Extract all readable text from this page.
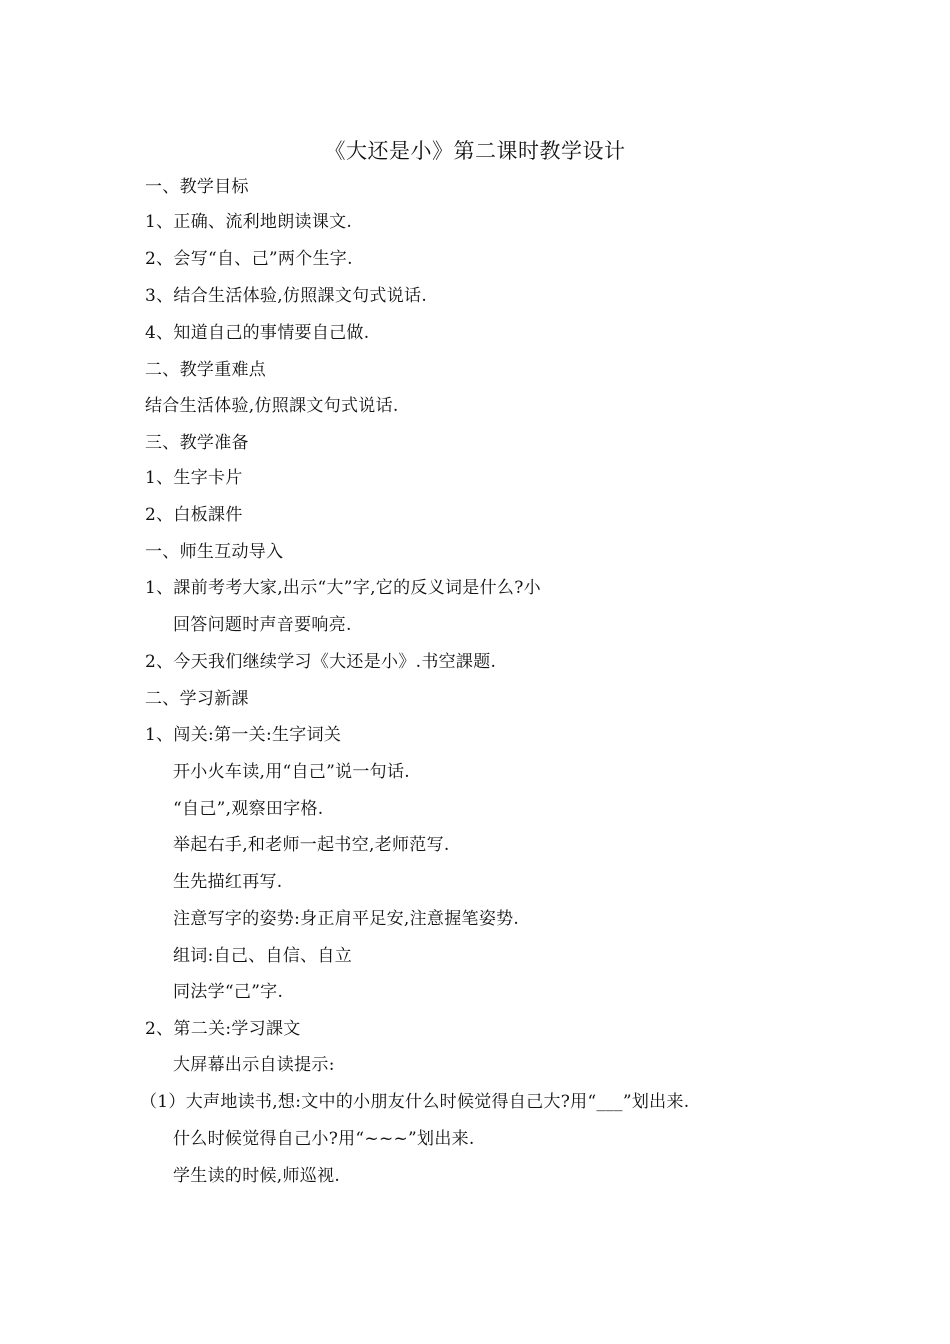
《大还是小》第二课时教学设计
一、教学目标
1、正确、流利地朗读课文.
2、会写“自、己”两个生字.
3、结合生活体验,仿照課文句式说话.
4、知道自己的事情要自己做.
二、教学重难点
结合生活体验,仿照課文句式说话.
三、教学准备
1、生字卡片
2、白板課件
一、师生互动导入
1、課前考考大家,出示“大”字,它的反义词是什么?小
回答问题时声音要响亮.
2、今天我们继续学习《大还是小》.书空課题.
二、学习新課
1、闯关:第一关:生字词关
开小火车读,用“自己”说一句话.
“自己”,观察田字格.
举起右手,和老师一起书空,老师范写.
生先描红再写.
注意写字的姿势:身正肩平足安,注意握笔姿势.
组词:自己、自信、自立
同法学“己”字.
2、第二关:学习課文
大屏幕出示自读提示:
（1）大声地读书,想:文中的小朋友什么时候觉得自己大?用“___”划出来.
什么时候觉得自己小?用“~~~”划出来.
学生读的时候,师巡视.
